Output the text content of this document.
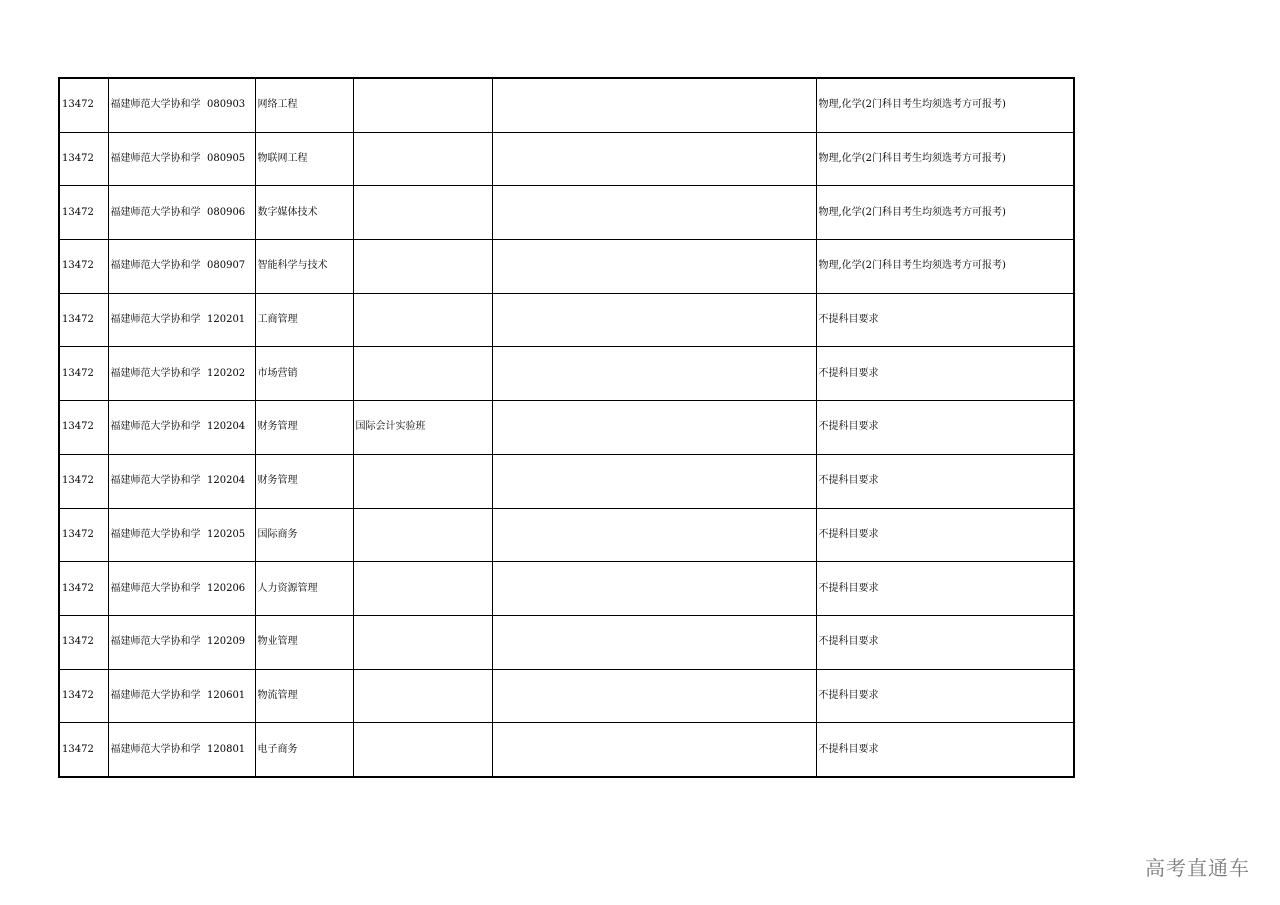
13472	福建师范大学协和学	080903	网络工程			物理,化学(2门科目考生均须选考方可报考)
13472	福建师范大学协和学	080905	物联网工程			物理,化学(2门科目考生均须选考方可报考)
13472	福建师范大学协和学	080906	数字媒体技术			物理,化学(2门科目考生均须选考方可报考)
13472	福建师范大学协和学	080907	智能科学与技术			物理,化学(2门科目考生均须选考方可报考)
13472	福建师范大学协和学	120201	工商管理			不提科目要求
13472	福建师范大学协和学	120202	市场营销			不提科目要求
13472	福建师范大学协和学	120204	财务管理	国际会计实验班		不提科目要求
13472	福建师范大学协和学	120204	财务管理			不提科目要求
13472	福建师范大学协和学	120205	国际商务			不提科目要求
13472	福建师范大学协和学	120206	人力资源管理			不提科目要求
13472	福建师范大学协和学	120209	物业管理			不提科目要求
13472	福建师范大学协和学	120601	物流管理			不提科目要求
13472	福建师范大学协和学	120801	电子商务			不提科目要求
高考直通车
